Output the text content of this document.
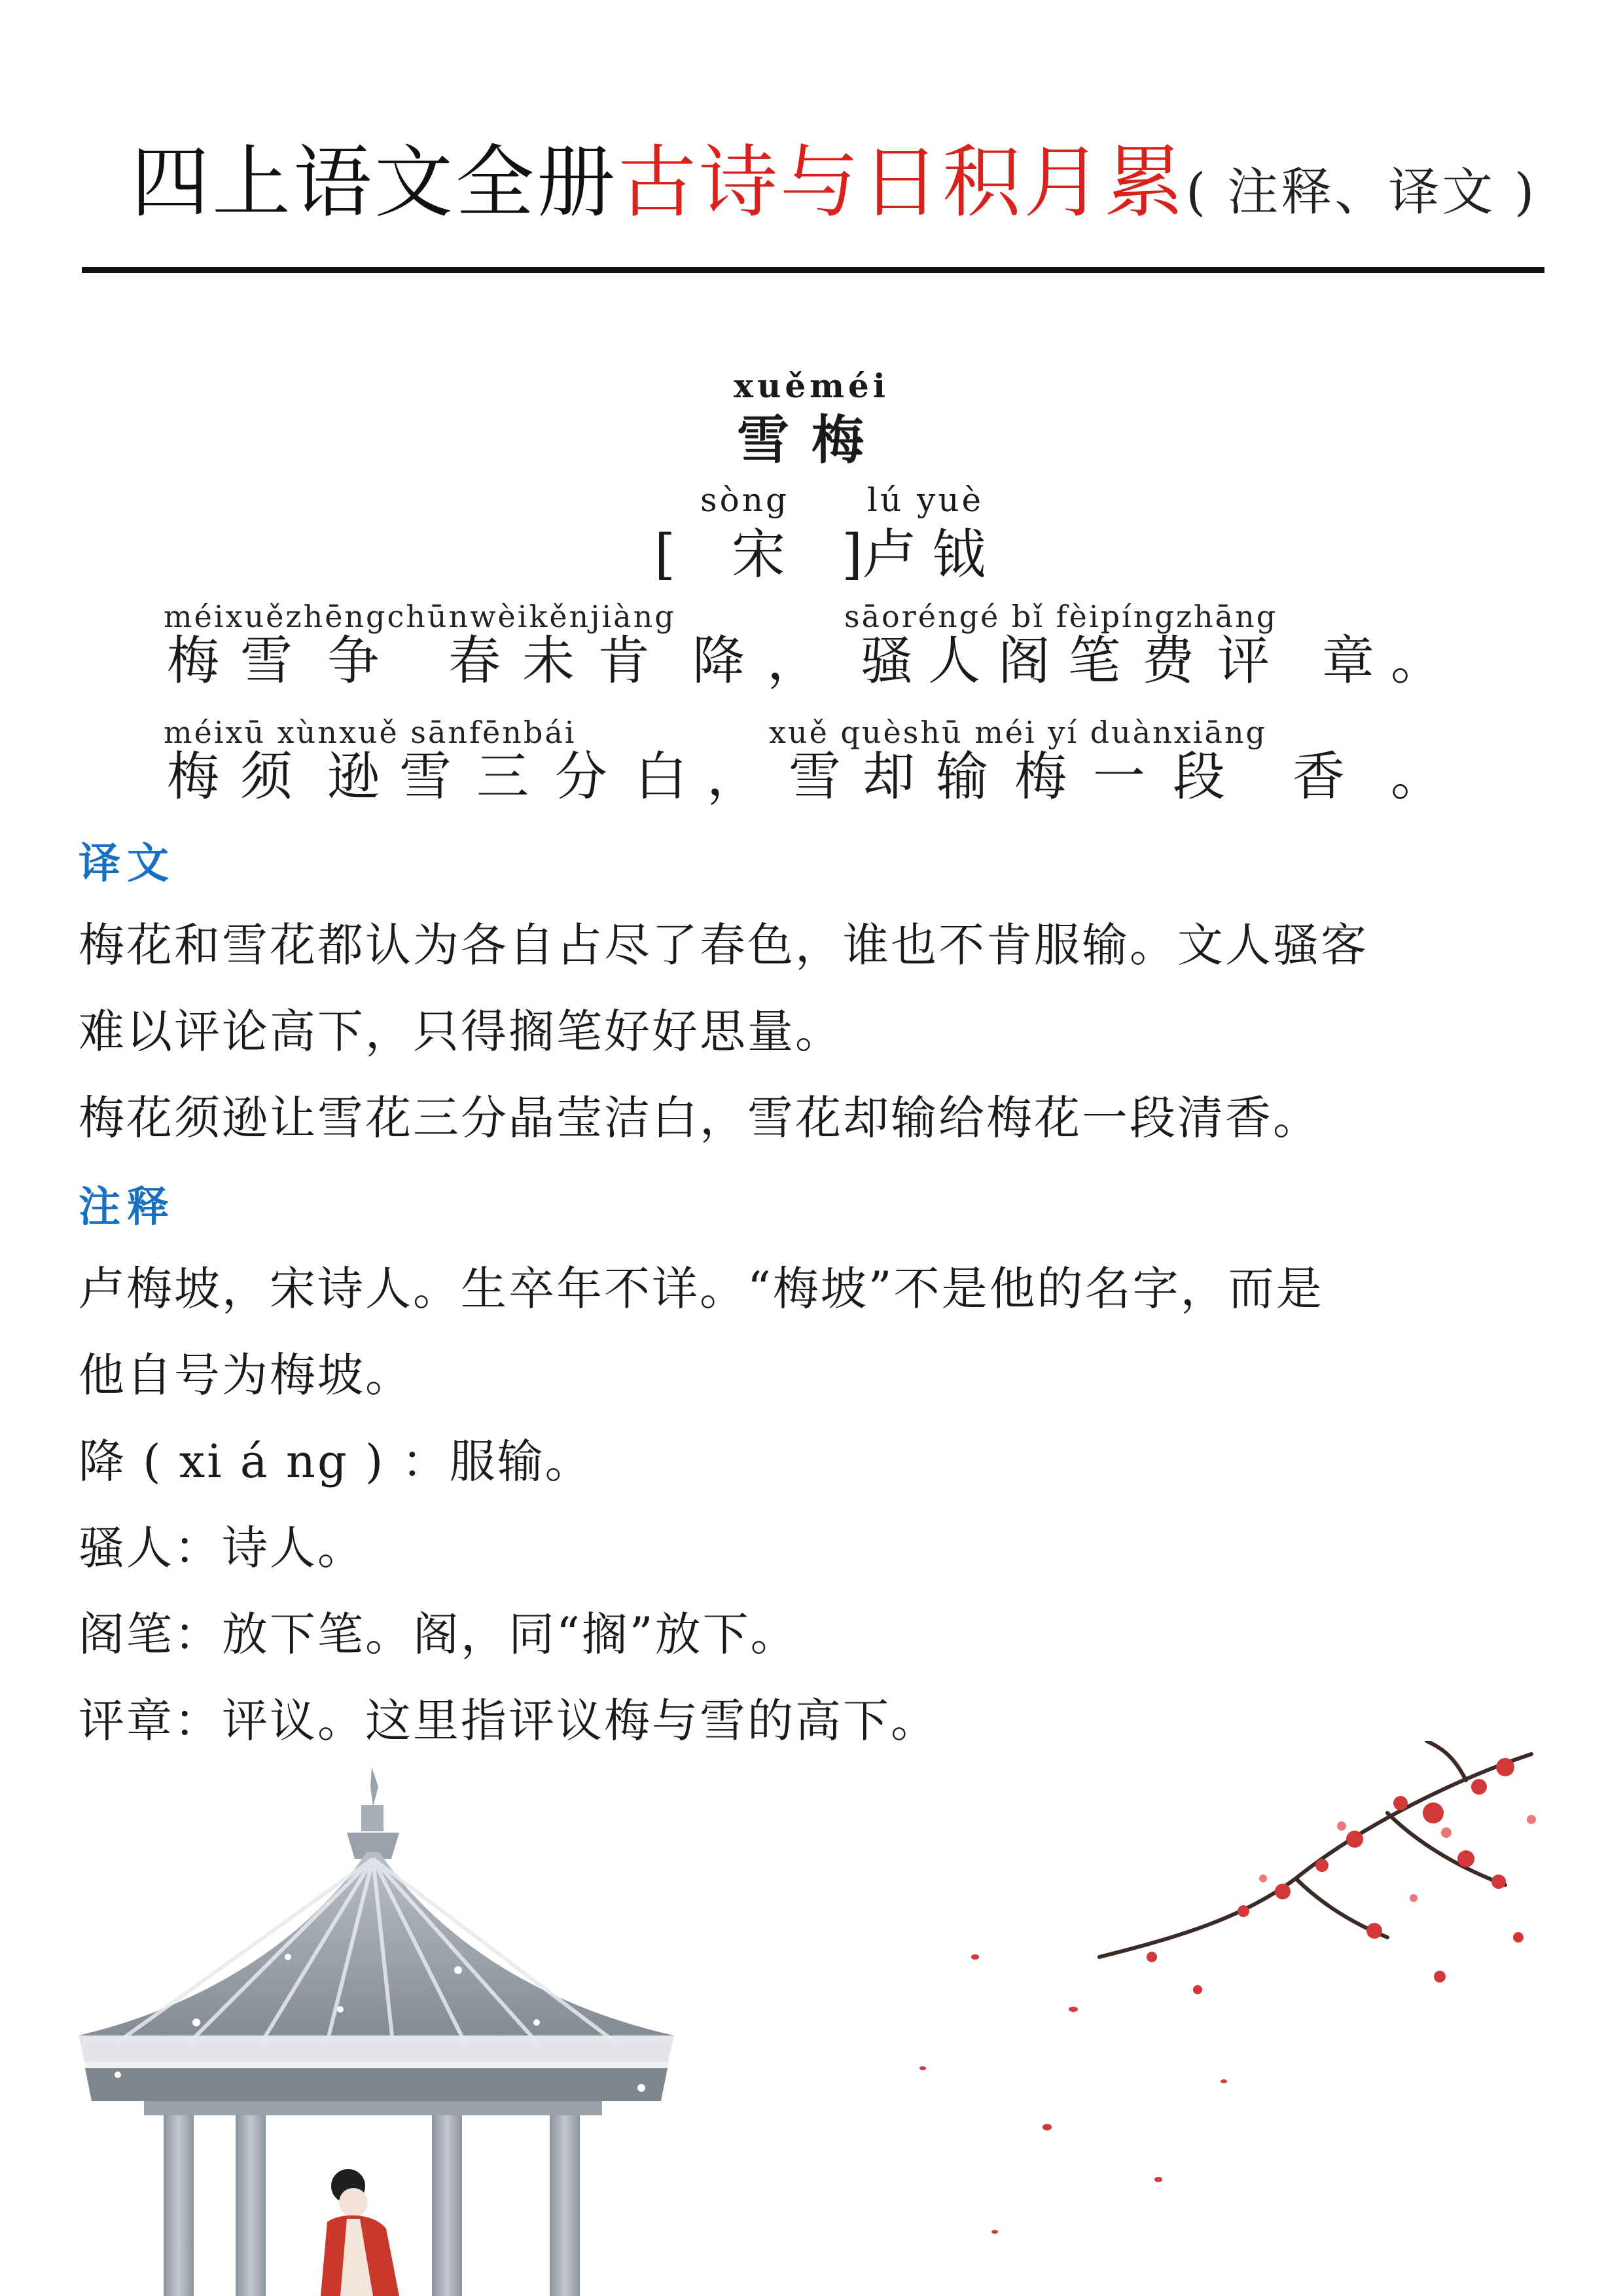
四上语文全册古诗与日积月累( 注释、译文 )
xuěméi
雪梅
sòng lú yuè
[ 宋 ]
卢钺
méixuězhēngchūnwèikěnjiàng	sāoréngé bǐ fèipíngzhāng
梅 雪 争 春 未 肯 降 ， 骚 人 阁 笔 费 评 章 。
méixū xùnxuě sānfēnbái	xuě quèshū méi yí duànxiāng
梅 须 逊 雪 三 分 白 ， 雪 却 输 梅 一 段 香 。
译文
梅花和雪花都认为各自占尽了春色，谁也不肯服输。文人骚客
难以评论高下，只得搁笔好好思量。
梅花须逊让雪花三分晶莹洁白，雪花却输给梅花一段清香。
注释
卢梅坡，宋诗人。生卒年不详。“梅坡”不是他的名字，而是
他自号为梅坡。
降 ( xi á ng ) ：服输。
骚人：诗人。
阁笔：放下笔。阁，同“搁”放下。
评章：评议。这里指评议梅与雪的高下。
